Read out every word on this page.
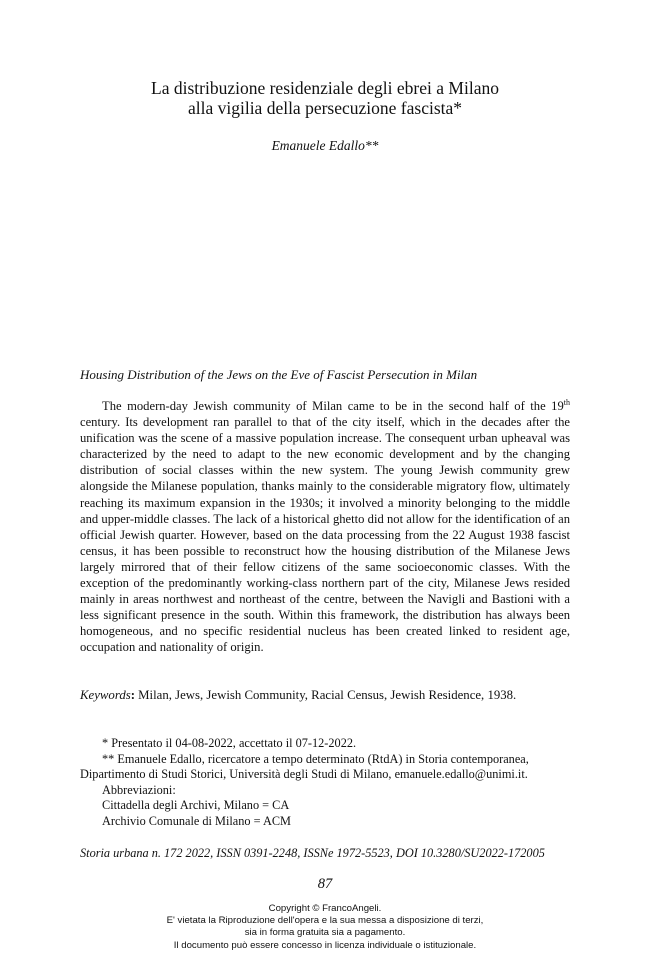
La distribuzione residenziale degli ebrei a Milano
alla vigilia della persecuzione fascista*
Emanuele Edallo**
Housing Distribution of the Jews on the Eve of Fascist Persecution in Milan

The modern-day Jewish community of Milan came to be in the second half of the 19th century. Its development ran parallel to that of the city itself, which in the decades after the unification was the scene of a massive population increase. The consequent urban upheaval was characterized by the need to adapt to the new economic development and by the changing distribution of social classes within the new system. The young Jewish community grew alongside the Milanese population, thanks mainly to the considerable migratory flow, ultimately reaching its maximum expansion in the 1930s; it involved a minority belonging to the middle and upper-middle classes. The lack of a historical ghetto did not allow for the identification of an official Jewish quarter. However, based on the data processing from the 22 August 1938 fascist census, it has been possible to reconstruct how the housing distribution of the Milanese Jews largely mirrored that of their fellow citizens of the same socioeconomic classes. With the exception of the predominantly working-class northern part of the city, Milanese Jews resided mainly in areas northwest and northeast of the centre, between the Navigli and Bastioni with a less significant presence in the south. Within this framework, the distribution has always been homogeneous, and no specific residential nucleus has been created linked to resident age, occupation and nationality of origin.

Keywords: Milan, Jews, Jewish Community, Racial Census, Jewish Residence, 1938.

* Presentato il 04-08-2022, accettato il 07-12-2022.

** Emanuele Edallo, ricercatore a tempo determinato (RtdA) in Storia contemporanea, Dipartimento di Studi Storici, Università degli Studi di Milano, emanuele.edallo@unimi.it.

Abbreviazioni:

Cittadella degli Archivi, Milano = CA

Archivio Comunale di Milano = ACM

Storia urbana n. 172 2022, ISSN 0391-2248, ISSNe 1972-5523, DOI 10.3280/SU2022-172005
87
Copyright © FrancoAngeli.
E' vietata la Riproduzione dell'opera e la sua messa a disposizione di terzi,
sia in forma gratuita sia a pagamento.
Il documento può essere concesso in licenza individuale o istituzionale.
